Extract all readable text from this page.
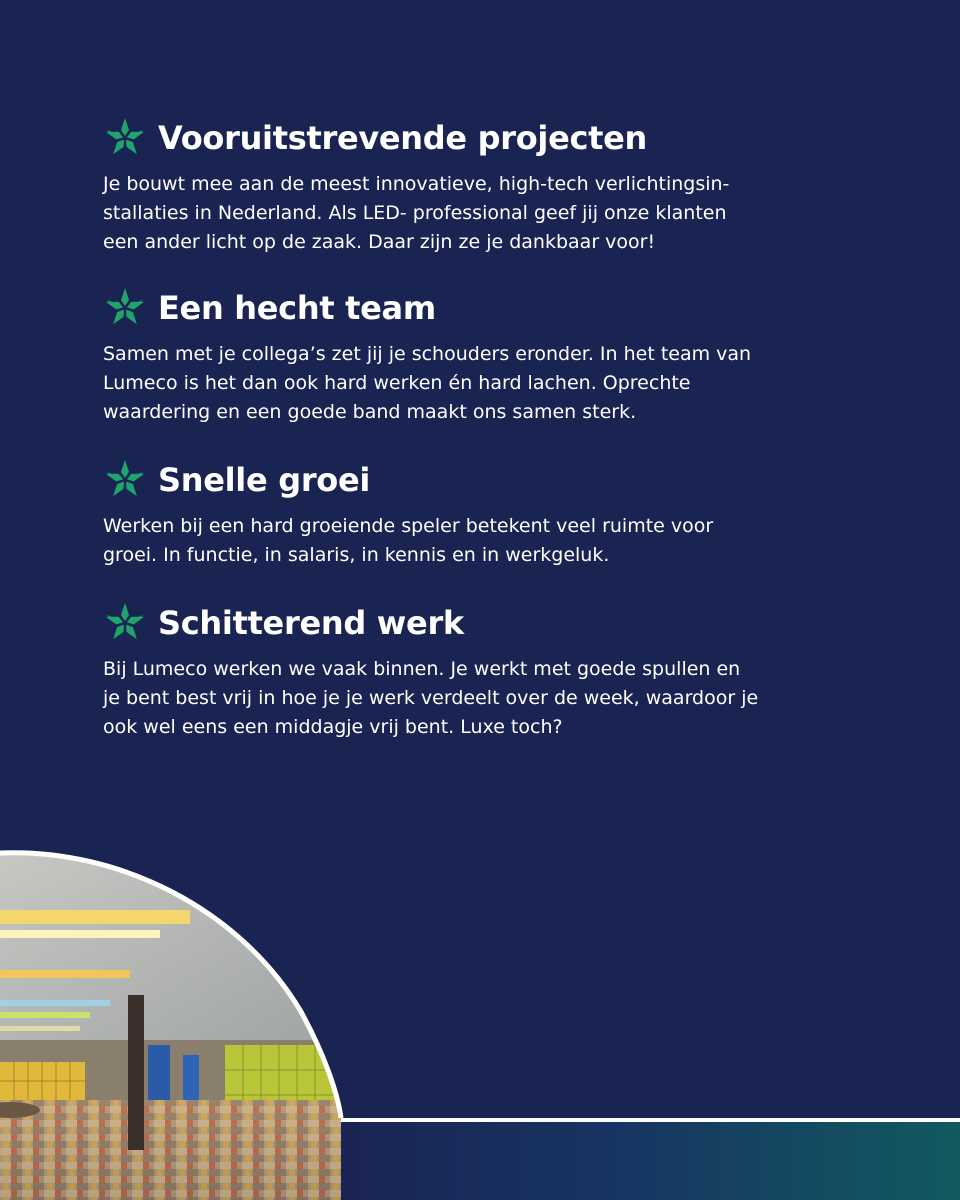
Vooruitstrevende projecten
Je bouwt mee aan de meest innovatieve, high-tech verlichtingsin-
stallaties in Nederland. Als LED- professional geef jij onze klanten
een ander licht op de zaak. Daar zijn ze je dankbaar voor!
Een hecht team
Samen met je collega’s zet jij je schouders eronder. In het team van
Lumeco is het dan ook hard werken én hard lachen. Oprechte
waardering en een goede band maakt ons samen sterk.
Snelle groei
Werken bij een hard groeiende speler betekent veel ruimte voor
groei. In functie, in salaris, in kennis en in werkgeluk.
Schitterend werk
Bij Lumeco werken we vaak binnen. Je werkt met goede spullen en
je bent best vrij in hoe je je werk verdeelt over de week, waardoor je
ook wel eens een middagje vrij bent. Luxe toch?
